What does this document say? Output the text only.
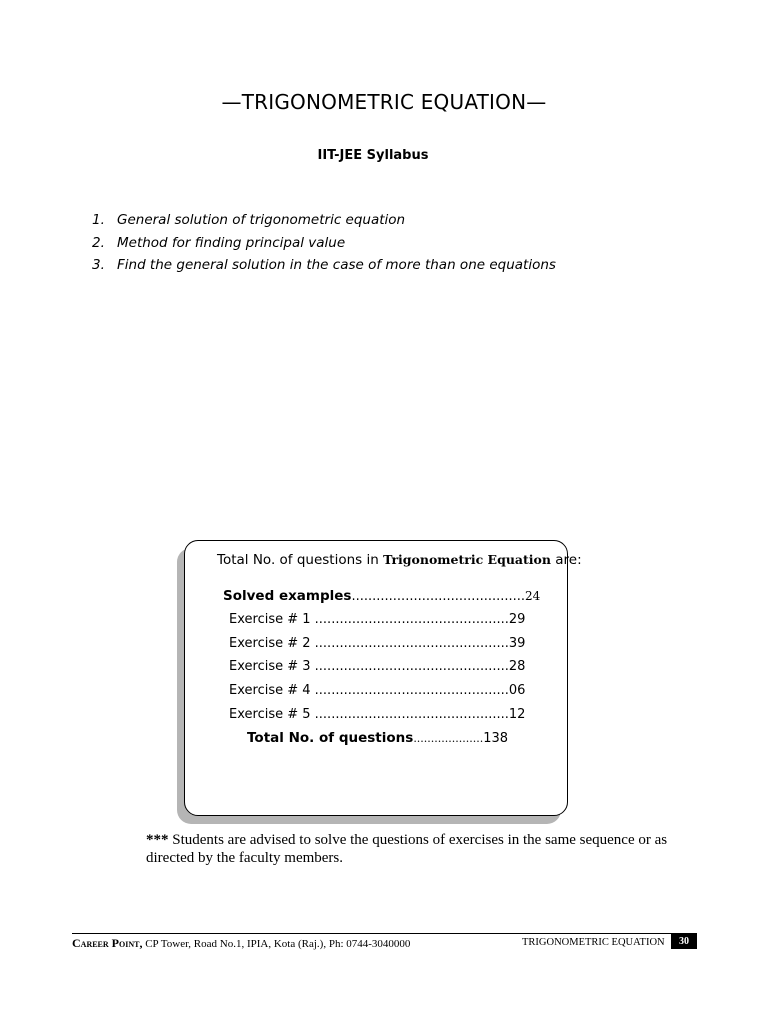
—TRIGONOMETRIC EQUATION—
IIT-JEE Syllabus
1. General solution of trigonometric equation
2. Method for finding principal value
3. Find the general solution in the case of more than one equations
Total No. of questions in Trigonometric Equation are:
Solved examples..........................................24
Exercise # 1 ...............................................29
Exercise # 2 ...............................................39
Exercise # 3 ...............................................28
Exercise # 4 ...............................................06
Exercise # 5 ...............................................12
Total No. of questions....................138
*** Students are advised to solve the questions of exercises in the same sequence or as directed by the faculty members.
Career Point, CP Tower, Road No.1, IPIA, Kota (Raj.), Ph: 0744-3040000	TRIGONOMETRIC EQUATION	30
